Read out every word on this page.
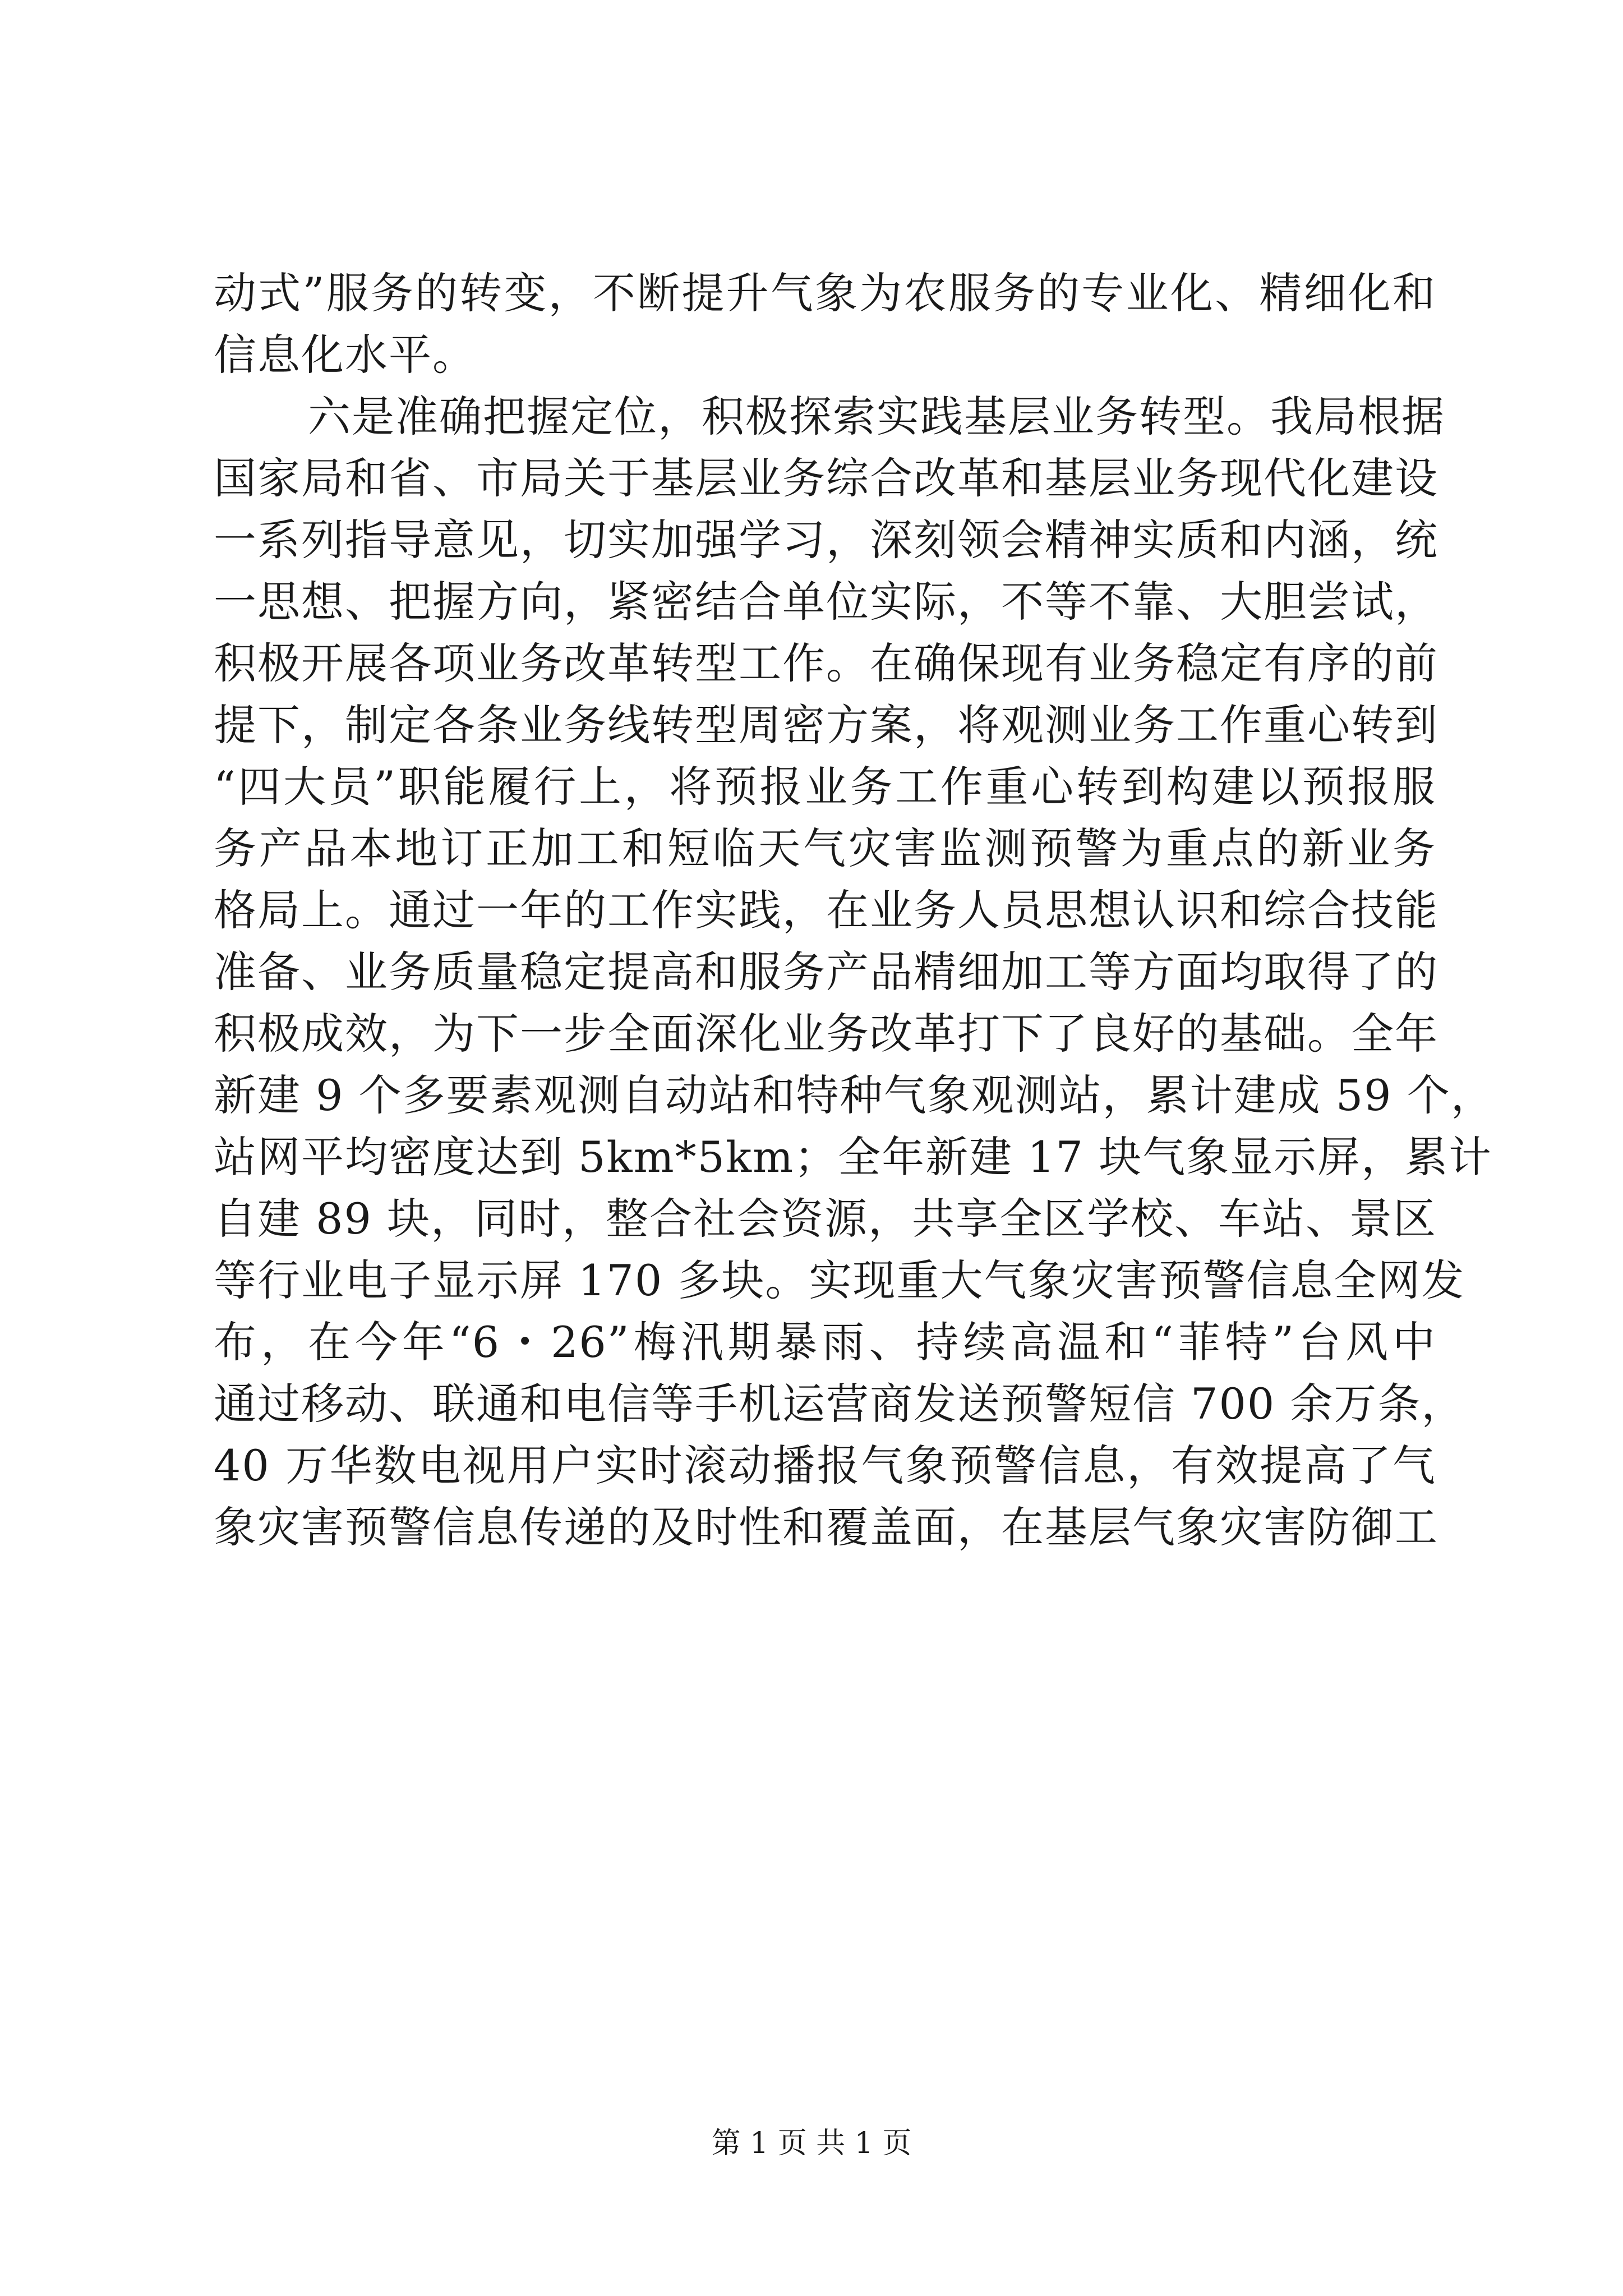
动式”服务的转变，不断提升气象为农服务的专业化、精细化和
信息化水平。
六是准确把握定位，积极探索实践基层业务转型。我局根据
国家局和省、市局关于基层业务综合改革和基层业务现代化建设
一系列指导意见，切实加强学习，深刻领会精神实质和内涵，统
一思想、把握方向，紧密结合单位实际，不等不靠、大胆尝试，
积极开展各项业务改革转型工作。在确保现有业务稳定有序的前
提下，制定各条业务线转型周密方案，将观测业务工作重心转到
“四大员”职能履行上，将预报业务工作重心转到构建以预报服
务产品本地订正加工和短临天气灾害监测预警为重点的新业务
格局上。通过一年的工作实践，在业务人员思想认识和综合技能
准备、业务质量稳定提高和服务产品精细加工等方面均取得了的
积极成效，为下一步全面深化业务改革打下了良好的基础。全年
新建 9 个多要素观测自动站和特种气象观测站，累计建成 59 个，
站网平均密度达到 5km*5km；全年新建 17 块气象显示屏，累计
自建 89 块，同时，整合社会资源，共享全区学校、车站、景区
等行业电子显示屏 170 多块。实现重大气象灾害预警信息全网发
布，在今年“6・26”梅汛期暴雨、持续高温和“菲特”台风中
通过移动、联通和电信等手机运营商发送预警短信 700 余万条，
40 万华数电视用户实时滚动播报气象预警信息，有效提高了气
象灾害预警信息传递的及时性和覆盖面，在基层气象灾害防御工
第 1 页 共 1 页
